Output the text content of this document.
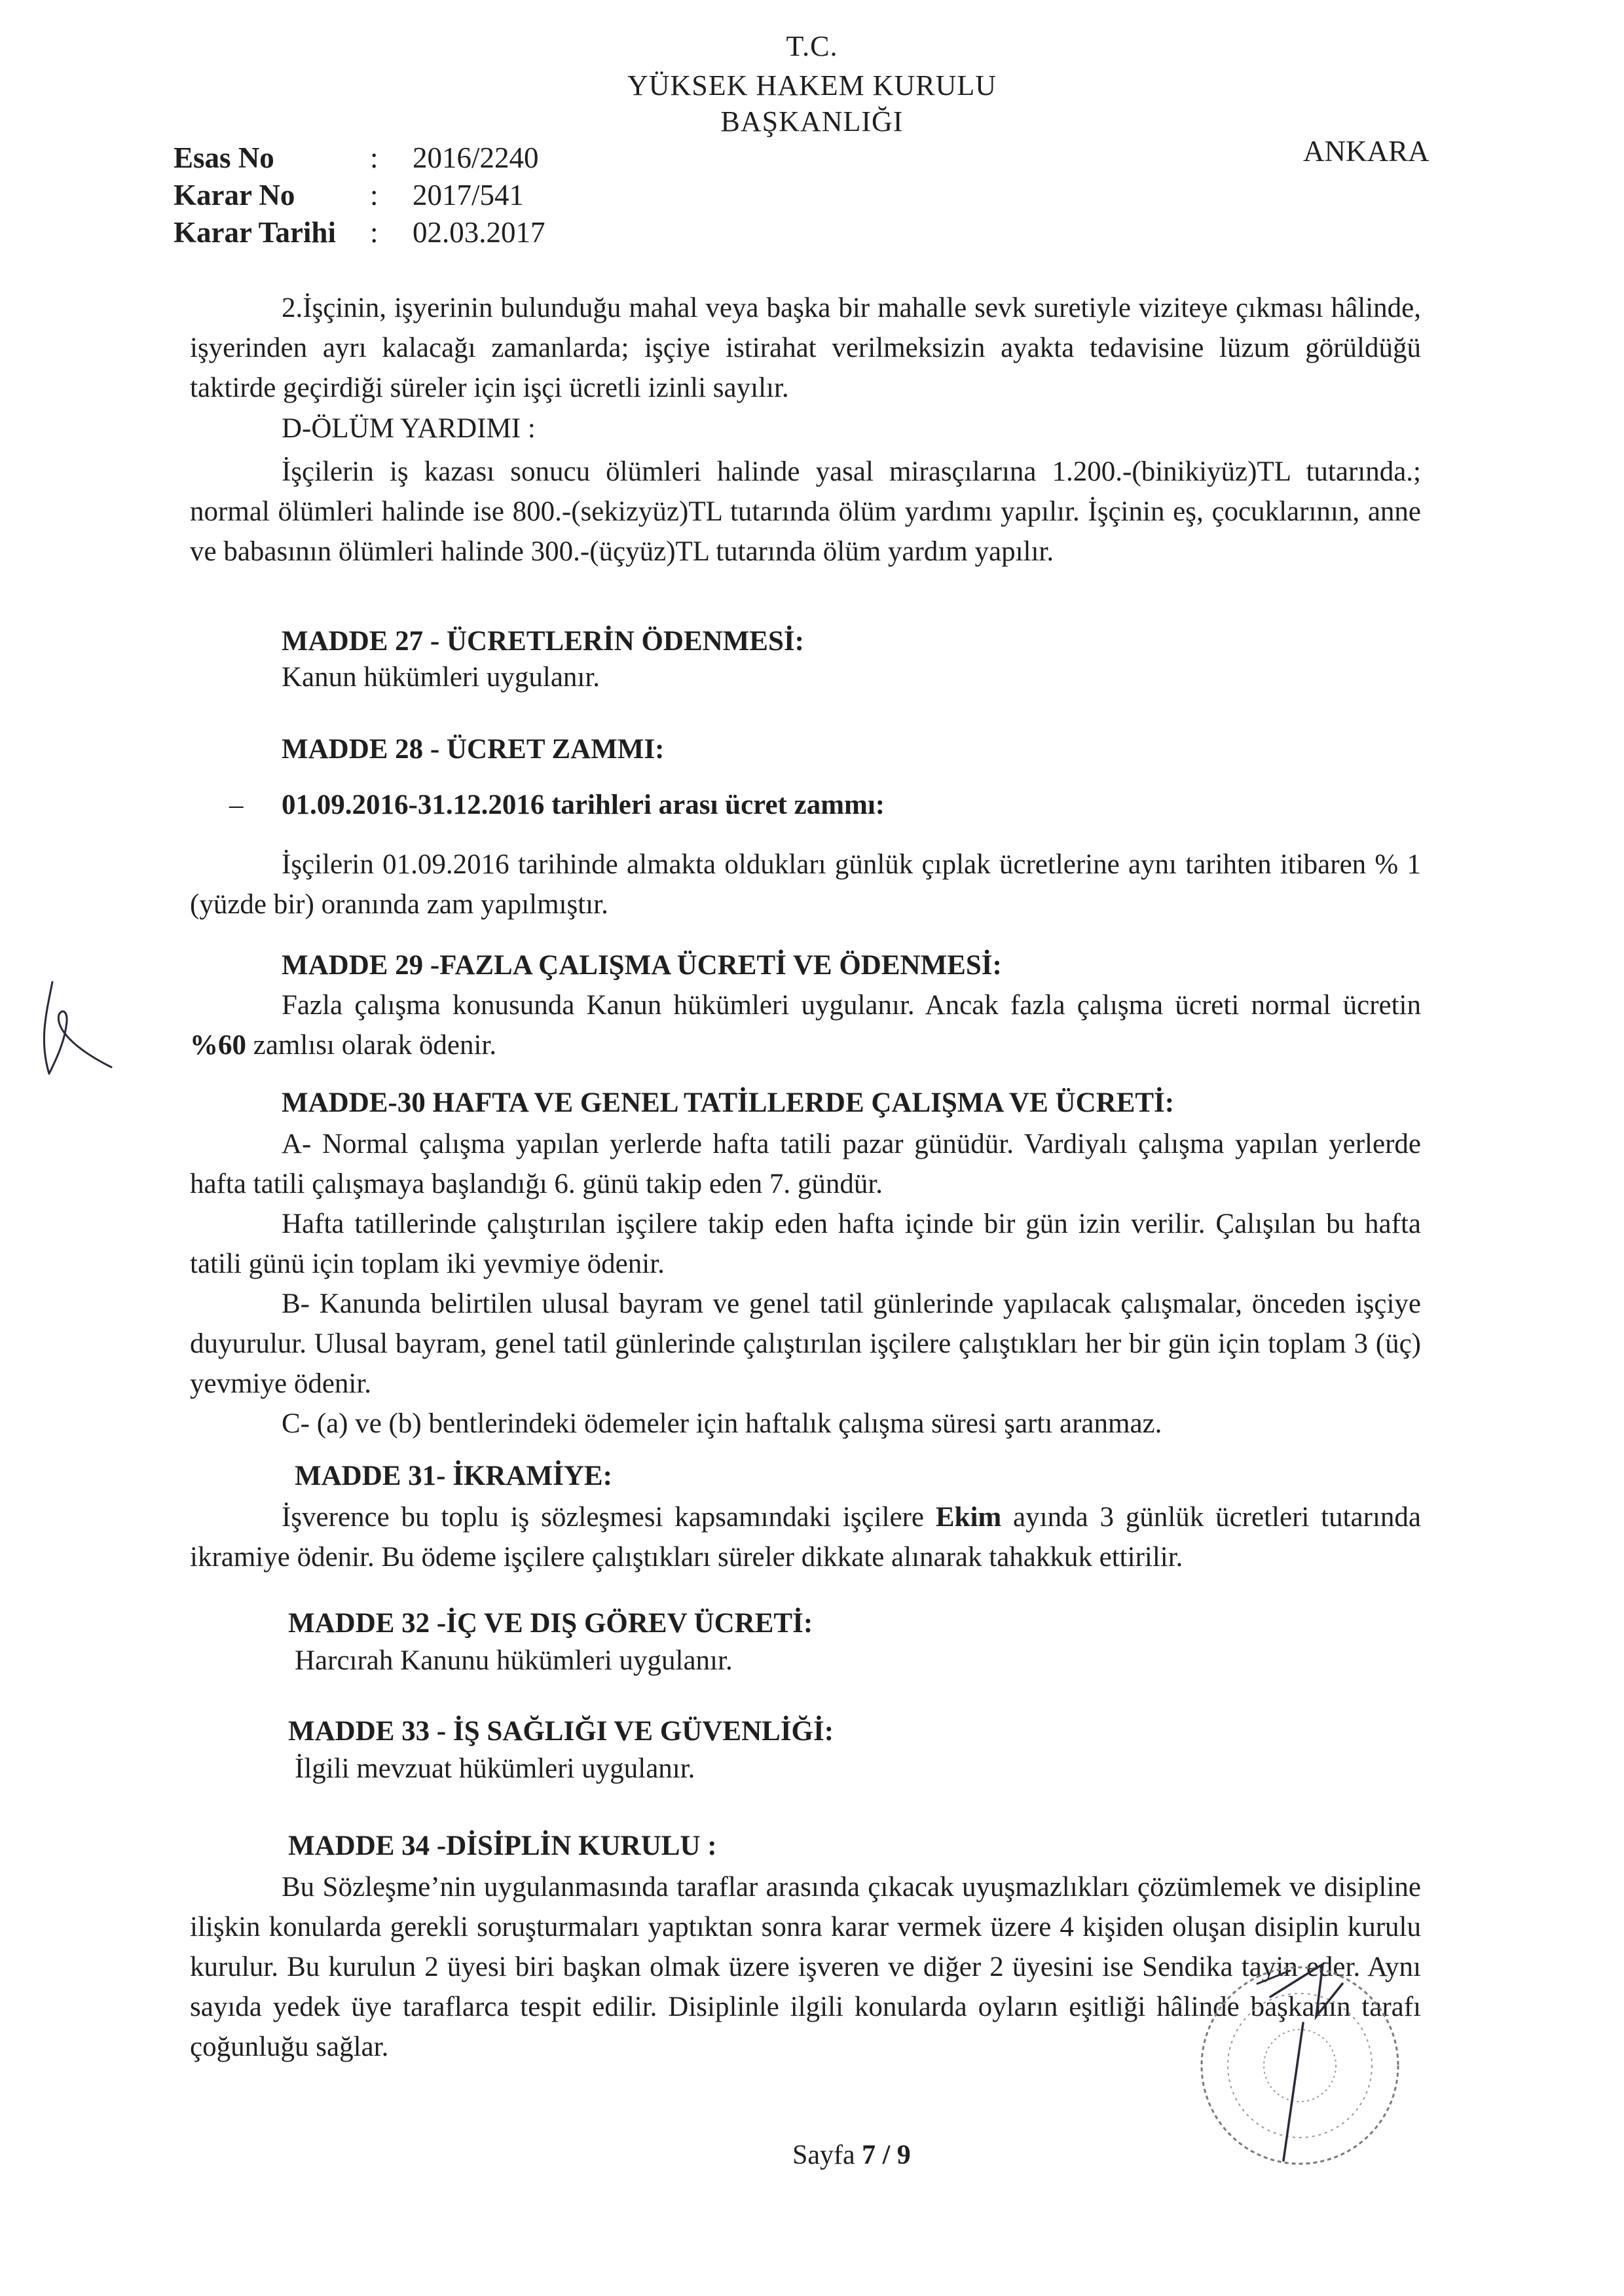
T.C.
YÜKSEK HAKEM KURULU
BAŞKANLIĞI
ANKARA
Esas No	: 2016/2240
Karar No	: 2017/541
Karar Tarihi : 02.03.2017

2.İşçinin, işyerinin bulunduğu mahal veya başka bir mahalle sevk suretiyle viziteye çıkması hâlinde, işyerinden ayrı kalacağı zamanlarda; işçiye istirahat verilmeksizin ayakta tedavisine lüzum görüldüğü taktirde geçirdiği süreler için işçi ücretli izinli sayılır.

D-ÖLÜM YARDIMI :

İşçilerin iş kazası sonucu ölümleri halinde yasal mirasçılarına 1.200.-(binikiyüz)TL tutarında.; normal ölümleri halinde ise 800.-(sekizyüz)TL tutarında ölüm yardımı yapılır. İşçinin eş, çocuklarının, anne ve babasının ölümleri halinde 300.-(üçyüz)TL tutarında ölüm yardım yapılır.

MADDE 27 - ÜCRETLERİN ÖDENMESİ:
Kanun hükümleri uygulanır.
MADDE 28 - ÜCRET ZAMMI:
– 01.09.2016-31.12.2016 tarihleri arası ücret zammı:

İşçilerin 01.09.2016 tarihinde almakta oldukları günlük çıplak ücretlerine aynı tarihten itibaren % 1 (yüzde bir) oranında zam yapılmıştır.

MADDE 29 -FAZLA ÇALIŞMA ÜCRETİ VE ÖDENMESİ:

Fazla çalışma konusunda Kanun hükümleri uygulanır. Ancak fazla çalışma ücreti normal ücretin %60 zamlısı olarak ödenir.

MADDE-30 HAFTA VE GENEL TATİLLERDE ÇALIŞMA VE ÜCRETİ:

A- Normal çalışma yapılan yerlerde hafta tatili pazar günüdür. Vardiyalı çalışma yapılan yerlerde hafta tatili çalışmaya başlandığı 6. günü takip eden 7. gündür.

Hafta tatillerinde çalıştırılan işçilere takip eden hafta içinde bir gün izin verilir. Çalışılan bu hafta tatili günü için toplam iki yevmiye ödenir.

B- Kanunda belirtilen ulusal bayram ve genel tatil günlerinde yapılacak çalışmalar, önceden işçiye duyurulur. Ulusal bayram, genel tatil günlerinde çalıştırılan işçilere çalıştıkları her bir gün için toplam 3 (üç) yevmiye ödenir.

C- (a) ve (b) bentlerindeki ödemeler için haftalık çalışma süresi şartı aranmaz.

MADDE 31- İKRAMİYE:

İşverence bu toplu iş sözleşmesi kapsamındaki işçilere Ekim ayında 3 günlük ücretleri tutarında ikramiye ödenir. Bu ödeme işçilere çalıştıkları süreler dikkate alınarak tahakkuk ettirilir.

MADDE 32 -İÇ VE DIŞ GÖREV ÜCRETİ:
Harcırah Kanunu hükümleri uygulanır.
MADDE 33 - İŞ SAĞLIĞI VE GÜVENLİĞİ:
İlgili mevzuat hükümleri uygulanır.
MADDE 34 -DİSİPLİN KURULU :

Bu Sözleşme’nin uygulanmasında taraflar arasında çıkacak uyuşmazlıkları çözümlemek ve disipline ilişkin konularda gerekli soruşturmaları yaptıktan sonra karar vermek üzere 4 kişiden oluşan disiplin kurulu kurulur. Bu kurulun 2 üyesi biri başkan olmak üzere işveren ve diğer 2 üyesini ise Sendika tayin eder. Aynı sayıda yedek üye taraflarca tespit edilir. Disiplinle ilgili konularda oyların eşitliği hâlinde başkanın tarafı çoğunluğu sağlar.

Sayfa 7 / 9
